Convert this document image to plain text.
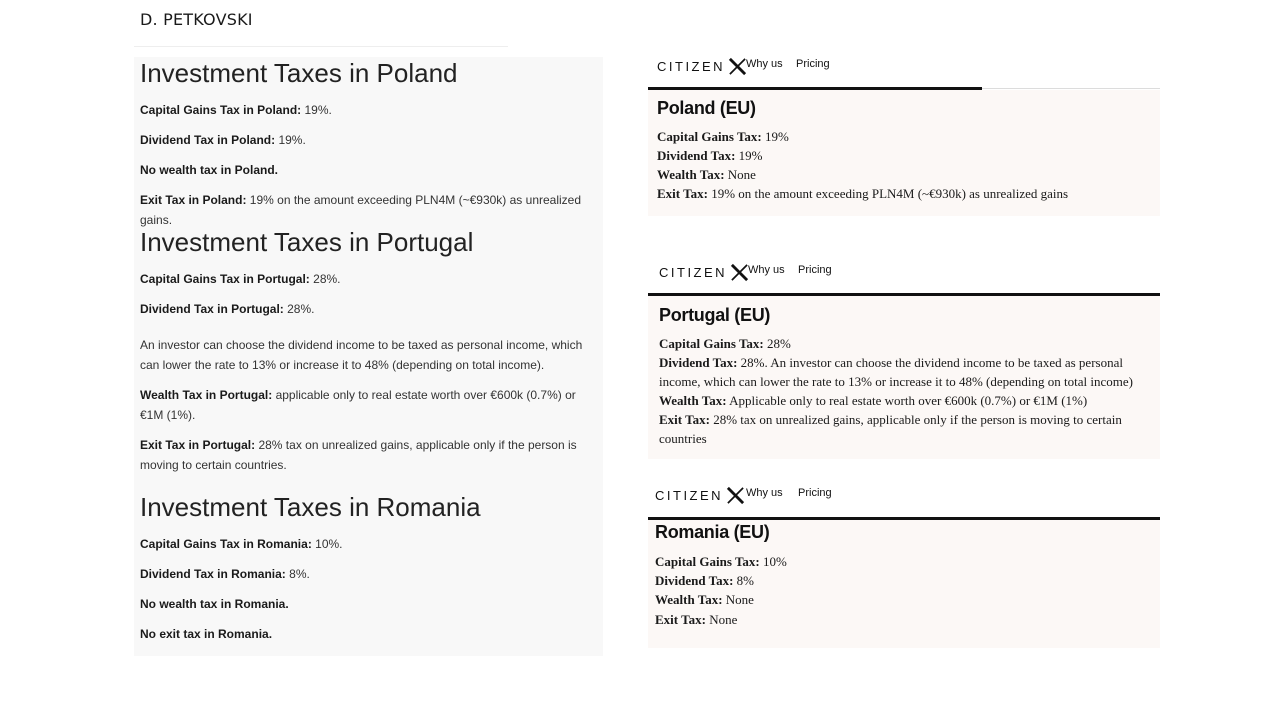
D. PETKOVSKI
Investment Taxes in Poland
Capital Gains Tax in Poland: 19%.
Dividend Tax in Poland: 19%.
No wealth tax in Poland.
Exit Tax in Poland: 19% on the amount exceeding PLN4M (~€930k) as unrealized gains.
Investment Taxes in Portugal
Capital Gains Tax in Portugal: 28%.
Dividend Tax in Portugal: 28%.
An investor can choose the dividend income to be taxed as personal income, which can lower the rate to 13% or increase it to 48% (depending on total income).
Wealth Tax in Portugal: applicable only to real estate worth over €600k (0.7%) or €1M (1%).
Exit Tax in Portugal: 28% tax on unrealized gains, applicable only if the person is moving to certain countries.
Investment Taxes in Romania
Capital Gains Tax in Romania: 10%.
Dividend Tax in Romania: 8%.
No wealth tax in Romania.
No exit tax in Romania.
CITIZEN Why us Pricing
Poland (EU)
Capital Gains Tax: 19%
Dividend Tax: 19%
Wealth Tax: None
Exit Tax: 19% on the amount exceeding PLN4M (~€930k) as unrealized gains
CITIZEN Why us Pricing
Portugal (EU)
Capital Gains Tax: 28%
Dividend Tax: 28%. An investor can choose the dividend income to be taxed as personal income, which can lower the rate to 13% or increase it to 48% (depending on total income)
Wealth Tax: Applicable only to real estate worth over €600k (0.7%) or €1M (1%)
Exit Tax: 28% tax on unrealized gains, applicable only if the person is moving to certain countries
CITIZEN Why us Pricing
Romania (EU)
Capital Gains Tax: 10%
Dividend Tax: 8%
Wealth Tax: None
Exit Tax: None
